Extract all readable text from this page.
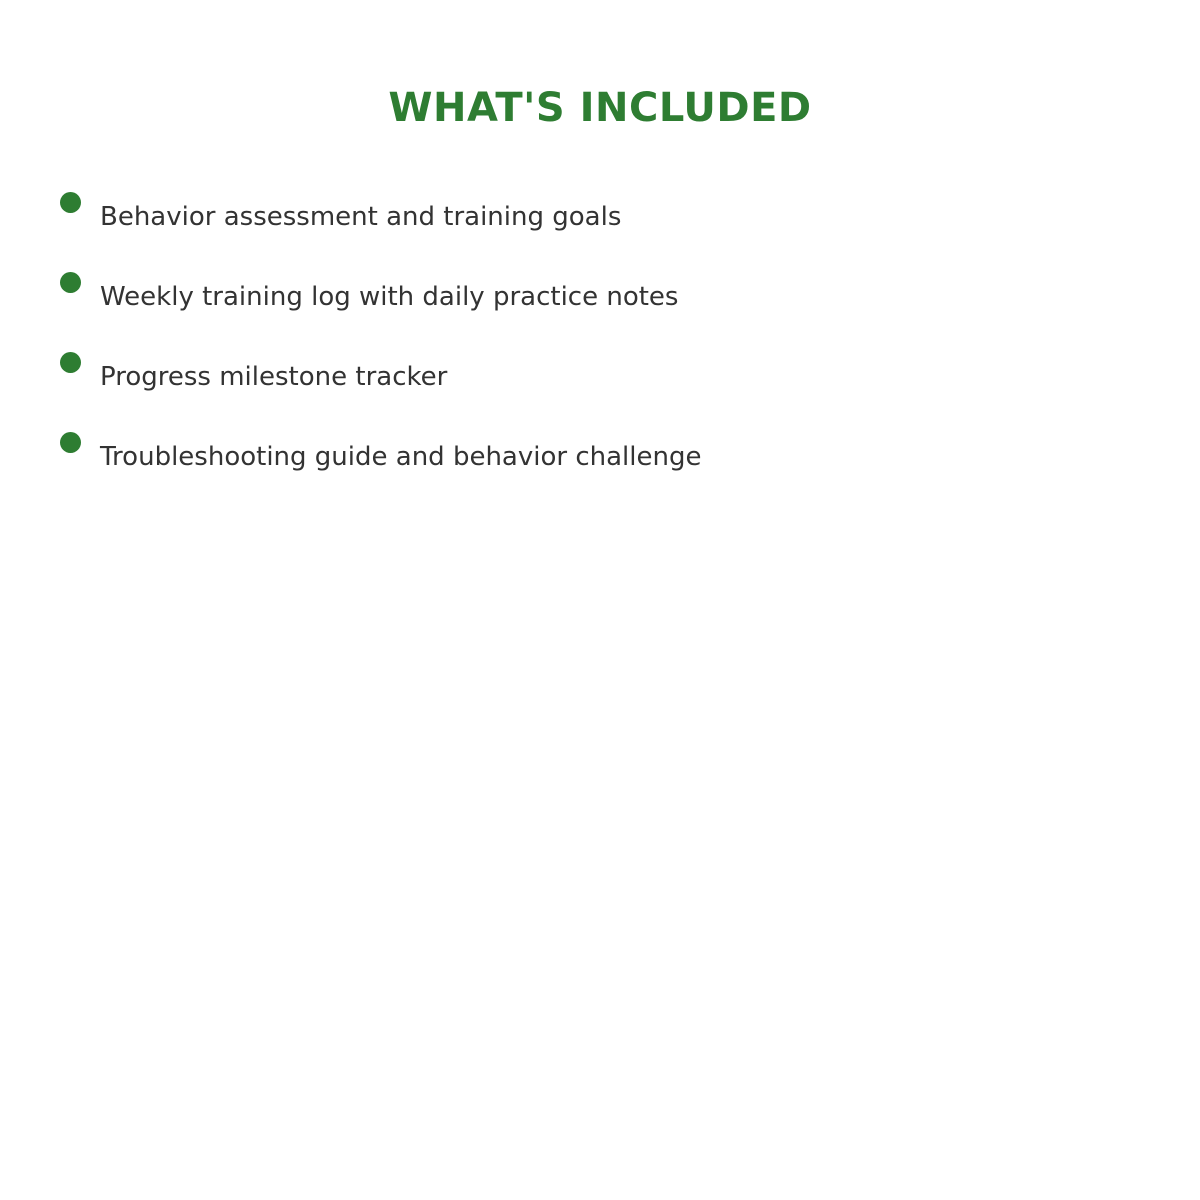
WHAT'S INCLUDED
Behavior assessment and training goals
Weekly training log with daily practice notes
Progress milestone tracker
Troubleshooting guide and behavior challenge
